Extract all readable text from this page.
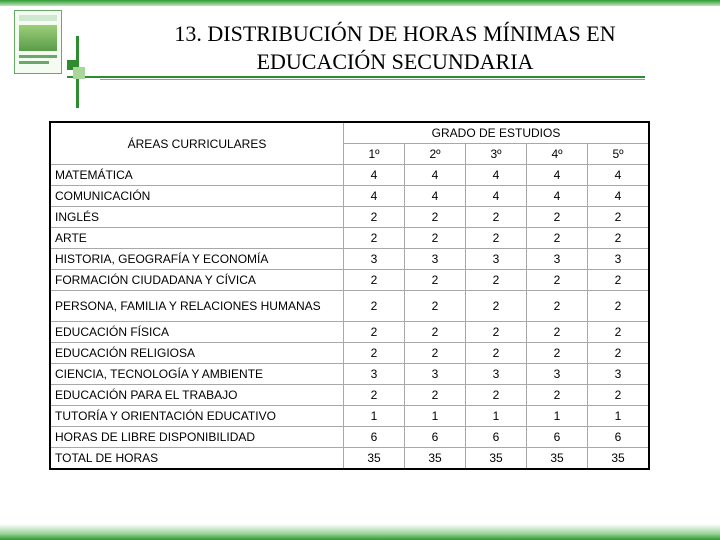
13. DISTRIBUCIÓN DE HORAS MÍNIMAS EN
EDUCACIÓN SECUNDARIA
ÁREAS CURRICULARES	GRADO DE ESTUDIOS				
	1º	2º	3º	4º	5º
MATEMÁTICA	4	4	4	4	4
COMUNICACIÓN	4	4	4	4	4
INGLÉS	2	2	2	2	2
ARTE	2	2	2	2	2
HISTORIA, GEOGRAFÍA Y ECONOMÍA	3	3	3	3	3
FORMACIÓN CIUDADANA Y CÍVICA	2	2	2	2	2
PERSONA, FAMILIA Y RELACIONES HUMANAS	2	2	2	2	2
EDUCACIÓN FÍSICA	2	2	2	2	2
EDUCACIÓN RELIGIOSA	2	2	2	2	2
CIENCIA, TECNOLOGÍA Y AMBIENTE	3	3	3	3	3
EDUCACIÓN PARA EL TRABAJO	2	2	2	2	2
TUTORÍA Y ORIENTACIÓN EDUCATIVO	1	1	1	1	1
HORAS DE LIBRE DISPONIBILIDAD	6	6	6	6	6
TOTAL DE HORAS	35	35	35	35	35
